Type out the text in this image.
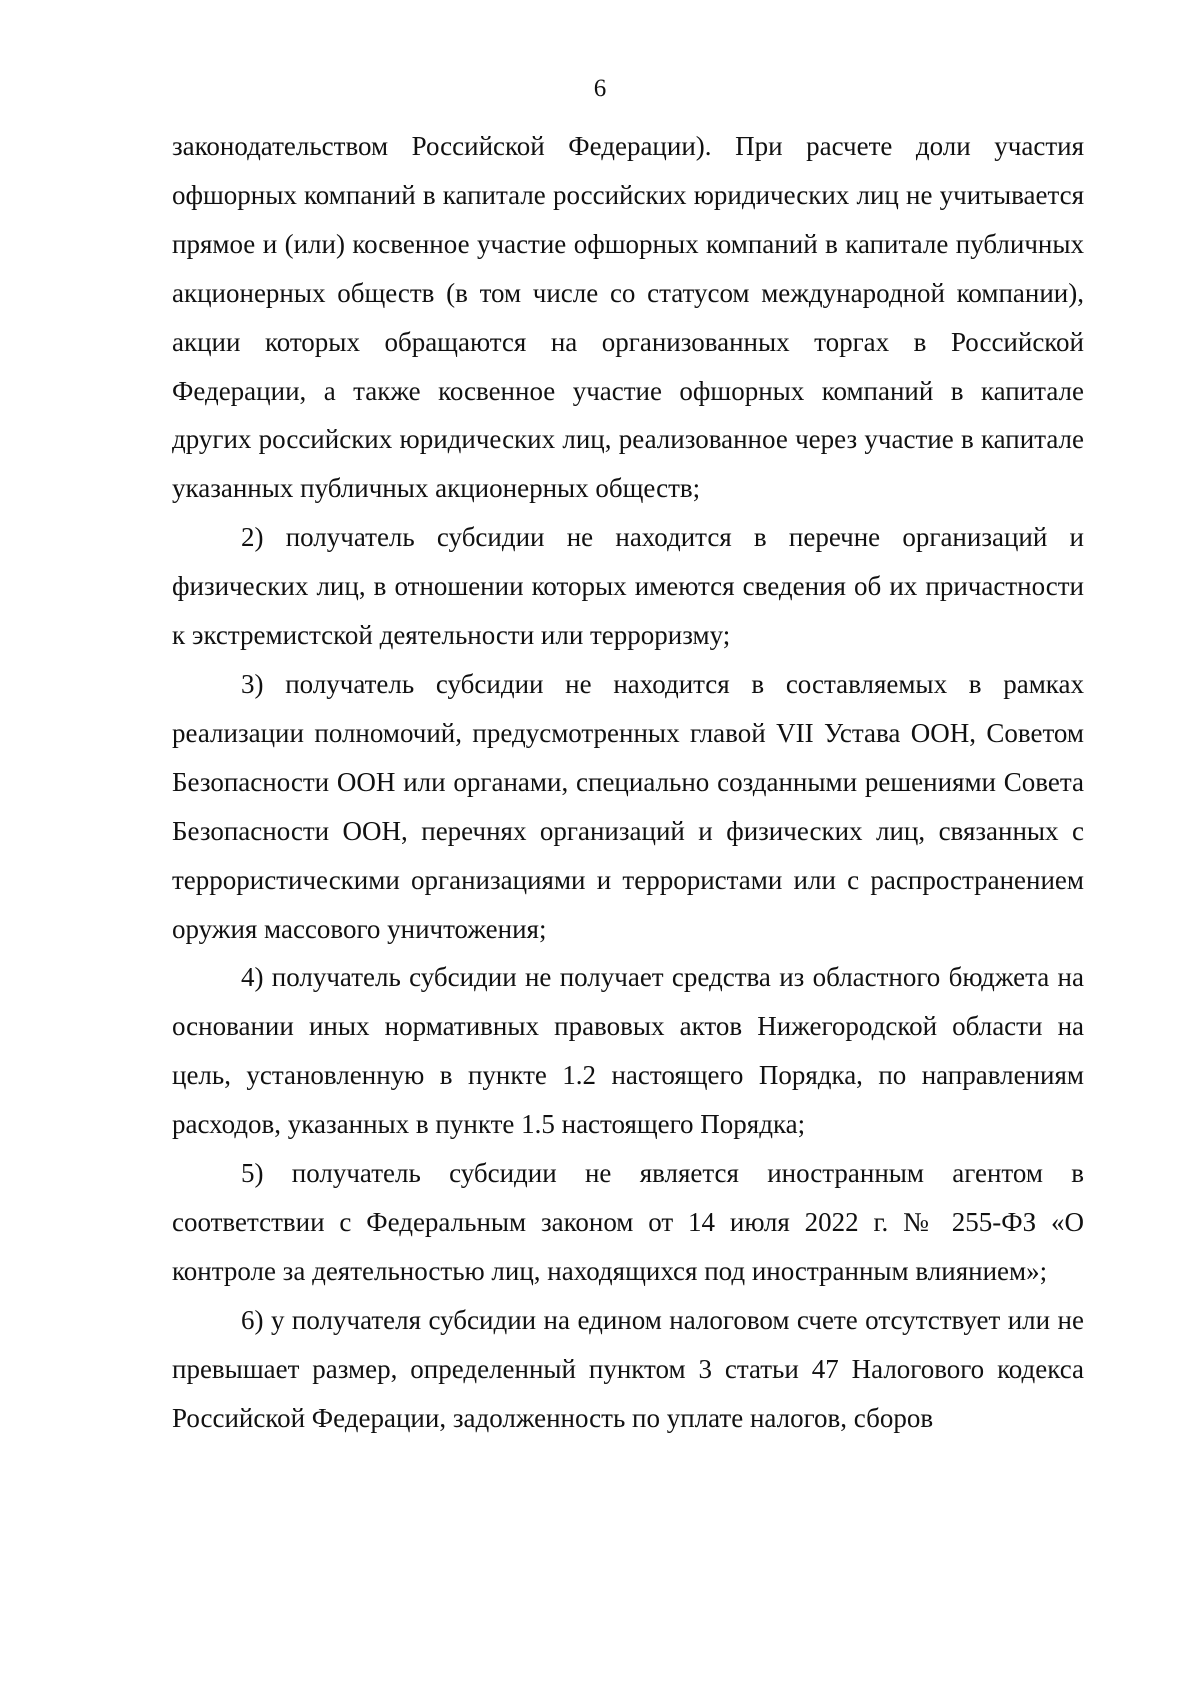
6

законодательством Российской Федерации). При расчете доли участия офшорных компаний в капитале российских юридических лиц не учитывается прямое и (или) косвенное участие офшорных компаний в капитале публичных акционерных обществ (в том числе со статусом международной компании), акции которых обращаются на организованных торгах в Российской Федерации, а также косвенное участие офшорных компаний в капитале других российских юридических лиц, реализованное через участие в капитале указанных публичных акционерных обществ;

2) получатель субсидии не находится в перечне организаций и физических лиц, в отношении которых имеются сведения об их причастности к экстремистской деятельности или терроризму;

3) получатель субсидии не находится в составляемых в рамках реализации полномочий, предусмотренных главой VII Устава ООН, Советом Безопасности ООН или органами, специально созданными решениями Совета Безопасности ООН, перечнях организаций и физических лиц, связанных с террористическими организациями и террористами или с распространением оружия массового уничтожения;

4) получатель субсидии не получает средства из областного бюджета на основании иных нормативных правовых актов Нижегородской области на цель, установленную в пункте 1.2 настоящего Порядка, по направлениям расходов, указанных в пункте 1.5 настоящего Порядка;

5) получатель субсидии не является иностранным агентом в соответствии с Федеральным законом от 14 июля 2022 г. № 255-ФЗ «О контроле за деятельностью лиц, находящихся под иностранным влиянием»;

6) у получателя субсидии на едином налоговом счете отсутствует или не превышает размер, определенный пунктом 3 статьи 47 Налогового кодекса Российской Федерации, задолженность по уплате налогов, сборов
